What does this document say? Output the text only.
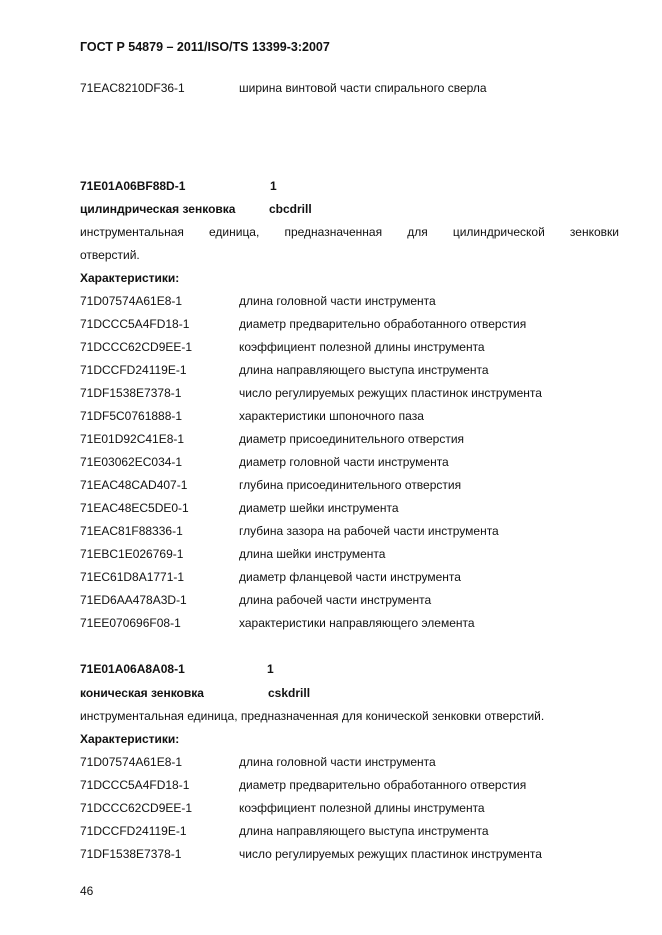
ГОСТ Р 54879 – 2011/ISO/TS 13399-3:2007
71EAC8210DF36-1	ширина винтовой части спирального сверла
71E01A06BF88D-1	1
цилиндрическая зенковка	cbcdrill
инструментальная единица, предназначенная для цилиндрической зенковки
отверстий.
Характеристики:
71D07574A61E8-1	длина головной части инструмента
71DCCC5A4FD18-1	диаметр предварительно обработанного отверстия
71DCCC62CD9EE-1	коэффициент полезной длины инструмента
71DCCFD24119E-1	длина направляющего выступа инструмента
71DF1538E7378-1	число регулируемых режущих пластинок инструмента
71DF5C0761888-1	характеристики шпоночного паза
71E01D92C41E8-1	диаметр присоединительного отверстия
71E03062EC034-1	диаметр головной части инструмента
71EAC48CAD407-1	глубина присоединительного отверстия
71EAC48EC5DE0-1	диаметр шейки инструмента
71EAC81F88336-1	глубина зазора на рабочей части инструмента
71EBC1E026769-1	длина шейки инструмента
71EC61D8A1771-1	диаметр фланцевой части инструмента
71ED6AA478A3D-1	длина рабочей части инструмента
71EE070696F08-1	характеристики направляющего элемента
71E01A06A8A08-1	1
коническая зенковка	cskdrill
инструментальная единица, предназначенная для конической зенковки отверстий.
Характеристики:
71D07574A61E8-1	длина головной части инструмента
71DCCC5A4FD18-1	диаметр предварительно обработанного отверстия
71DCCC62CD9EE-1	коэффициент полезной длины инструмента
71DCCFD24119E-1	длина направляющего выступа инструмента
71DF1538E7378-1	число регулируемых режущих пластинок инструмента
46
